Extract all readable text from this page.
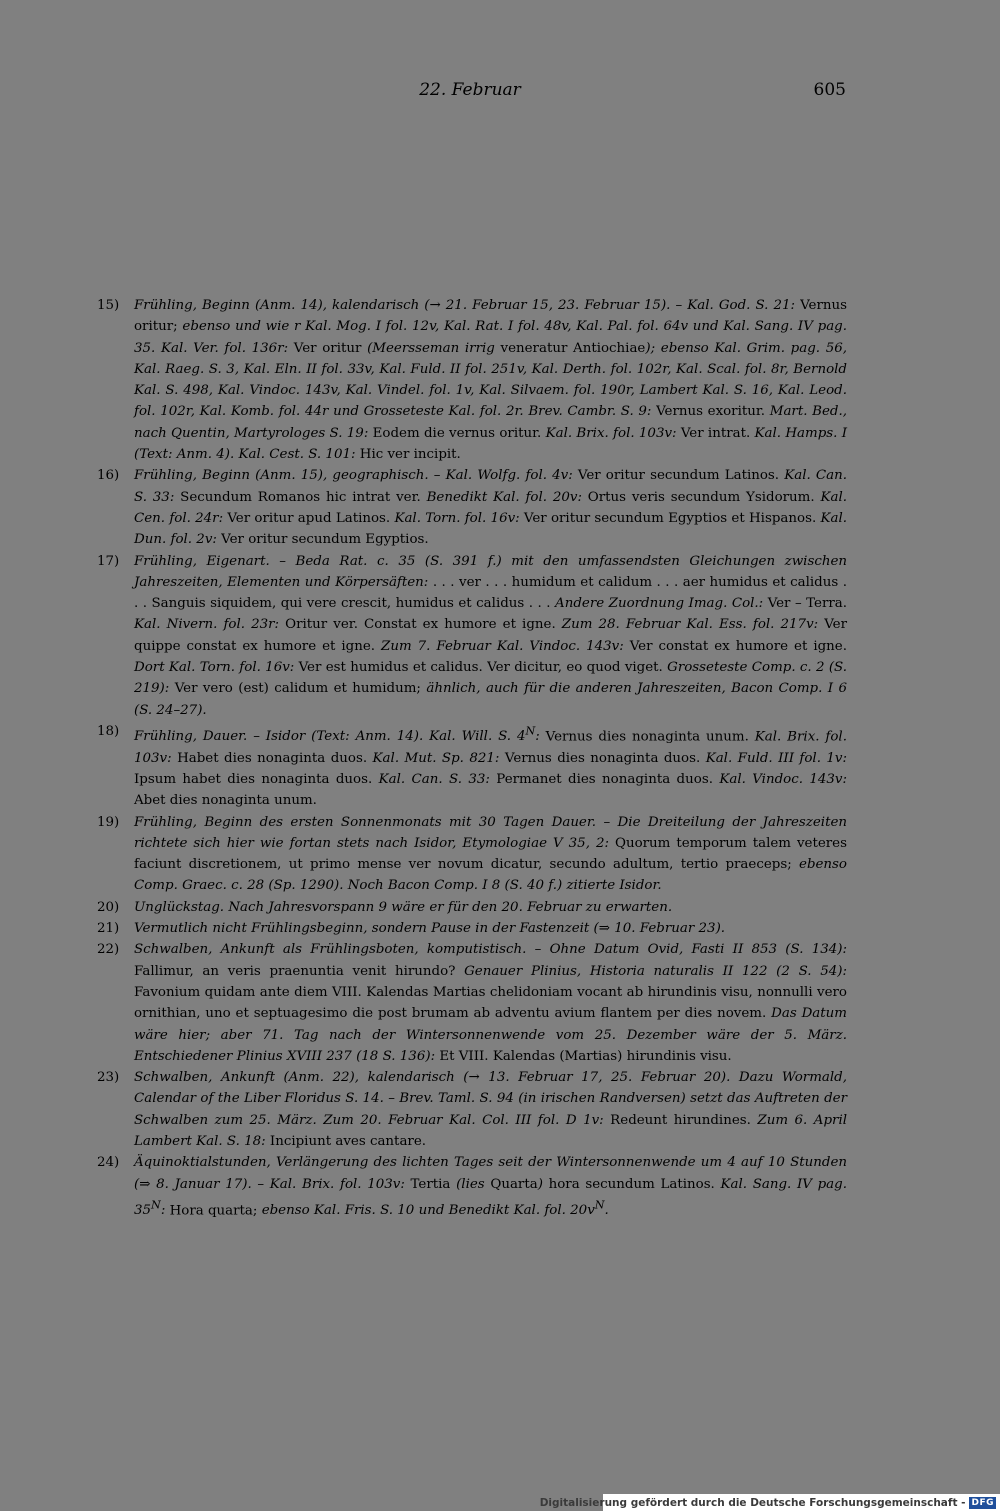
22. Februar	605
15)	Frühling, Beginn (Anm. 14), kalendarisch (→ 21. Februar 15, 23. Februar 15). – Kal. God. S. 21: Vernus oritur; ebenso und wie r Kal. Mog. I fol. 12v, Kal. Rat. I fol. 48v, Kal. Pal. fol. 64v und Kal. Sang. IV pag. 35. Kal. Ver. fol. 136r: Ver oritur (Meersseman irrig veneratur Antiochiae); ebenso Kal. Grim. pag. 56, Kal. Raeg. S. 3, Kal. Eln. II fol. 33v, Kal. Fuld. II fol. 251v, Kal. Derth. fol. 102r, Kal. Scal. fol. 8r, Bernold Kal. S. 498, Kal. Vindoc. 143v, Kal. Vindel. fol. 1v, Kal. Silvaem. fol. 190r, Lambert Kal. S. 16, Kal. Leod. fol. 102r, Kal. Komb. fol. 44r und Grosseteste Kal. fol. 2r. Brev. Cambr. S. 9: Vernus exoritur. Mart. Bed., nach Quentin, Martyrologes S. 19: Eodem die vernus oritur. Kal. Brix. fol. 103v: Ver intrat. Kal. Hamps. I (Text: Anm. 4). Kal. Cest. S. 101: Hic ver incipit.
16)	Frühling, Beginn (Anm. 15), geographisch. – Kal. Wolfg. fol. 4v: Ver oritur secundum Latinos. Kal. Can. S. 33: Secundum Romanos hic intrat ver. Benedikt Kal. fol. 20v: Ortus veris secundum Ysidorum. Kal. Cen. fol. 24r: Ver oritur apud Latinos. Kal. Torn. fol. 16v: Ver oritur secundum Egyptios et Hispanos. Kal. Dun. fol. 2v: Ver oritur secundum Egyptios.
17)	Frühling, Eigenart. – Beda Rat. c. 35 (S. 391 f.) mit den umfassendsten Gleichungen zwischen Jahreszeiten, Elementen und Körpersäften: . . . ver . . . humidum et calidum . . . aer humidus et calidus . . . Sanguis siquidem, qui vere crescit, humidus et calidus . . . Andere Zuordnung Imag. Col.: Ver – Terra. Kal. Nivern. fol. 23r: Oritur ver. Constat ex humore et igne. Zum 28. Februar Kal. Ess. fol. 217v: Ver quippe constat ex humore et igne. Zum 7. Februar Kal. Vindoc. 143v: Ver constat ex humore et igne. Dort Kal. Torn. fol. 16v: Ver est humidus et calidus. Ver dicitur, eo quod viget. Grosseteste Comp. c. 2 (S. 219): Ver vero (est) calidum et humidum; ähnlich, auch für die anderen Jahreszeiten, Bacon Comp. I 6 (S. 24–27).
18)	Frühling, Dauer. – Isidor (Text: Anm. 14). Kal. Will. S. $4^N$: Vernus dies nonaginta unum. Kal. Brix. fol. 103v: Habet dies nonaginta duos. Kal. Mut. Sp. 821: Vernus dies nonaginta duos. Kal. Fuld. III fol. 1v: Ipsum habet dies nonaginta duos. Kal. Can. S. 33: Permanet dies nonaginta duos. Kal. Vindoc. 143v: Abet dies nonaginta unum.
19)	Frühling, Beginn des ersten Sonnenmonats mit 30 Tagen Dauer. – Die Dreiteilung der Jahreszeiten richtete sich hier wie fortan stets nach Isidor, Etymologiae V 35, 2: Quorum temporum talem veteres faciunt discretionem, ut primo mense ver novum dicatur, secundo adultum, tertio praeceps; ebenso Comp. Graec. c. 28 (Sp. 1290). Noch Bacon Comp. I 8 (S. 40 f.) zitierte Isidor.
20)	Unglückstag. Nach Jahresvorspann 9 wäre er für den 20. Februar zu erwarten.
21)	Vermutlich nicht Frühlingsbeginn, sondern Pause in der Fastenzeit (⇒ 10. Februar 23).
22)	Schwalben, Ankunft als Frühlingsboten, komputistisch. – Ohne Datum Ovid, Fasti II 853 (S. 134): Fallimur, an veris praenuntia venit hirundo? Genauer Plinius, Historia naturalis II 122 (2 S. 54): Favonium quidam ante diem VIII. Kalendas Martias chelidoniam vocant ab hirundinis visu, nonnulli vero ornithian, uno et septuagesimo die post brumam ab adventu avium flantem per dies novem. Das Datum wäre hier; aber 71. Tag nach der Wintersonnenwende vom 25. Dezember wäre der 5. März. Entschiedener Plinius XVIII 237 (18 S. 136): Et VIII. Kalendas (Martias) hirundinis visu.
23)	Schwalben, Ankunft (Anm. 22), kalendarisch (→ 13. Februar 17, 25. Februar 20). Dazu Wormald, Calendar of the Liber Floridus S. 14. – Brev. Taml. S. 94 (in irischen Randversen) setzt das Auftreten der Schwalben zum 25. März. Zum 20. Februar Kal. Col. III fol. D 1v: Redeunt hirundines. Zum 6. April Lambert Kal. S. 18: Incipiunt aves cantare.
24)	Äquinoktialstunden, Verlängerung des lichten Tages seit der Wintersonnenwende um 4 auf 10 Stunden (⇒ 8. Januar 17). – Kal. Brix. fol. 103v: Tertia (lies Quarta) hora secundum Latinos. Kal. Sang. IV pag. $35^N$: Hora quarta; ebenso Kal. Fris. S. 10 und Benedikt Kal. fol. $20v^N$.
Digitalisierung gefördert durch die Deutsche Forschungsgemeinschaft - DFG
